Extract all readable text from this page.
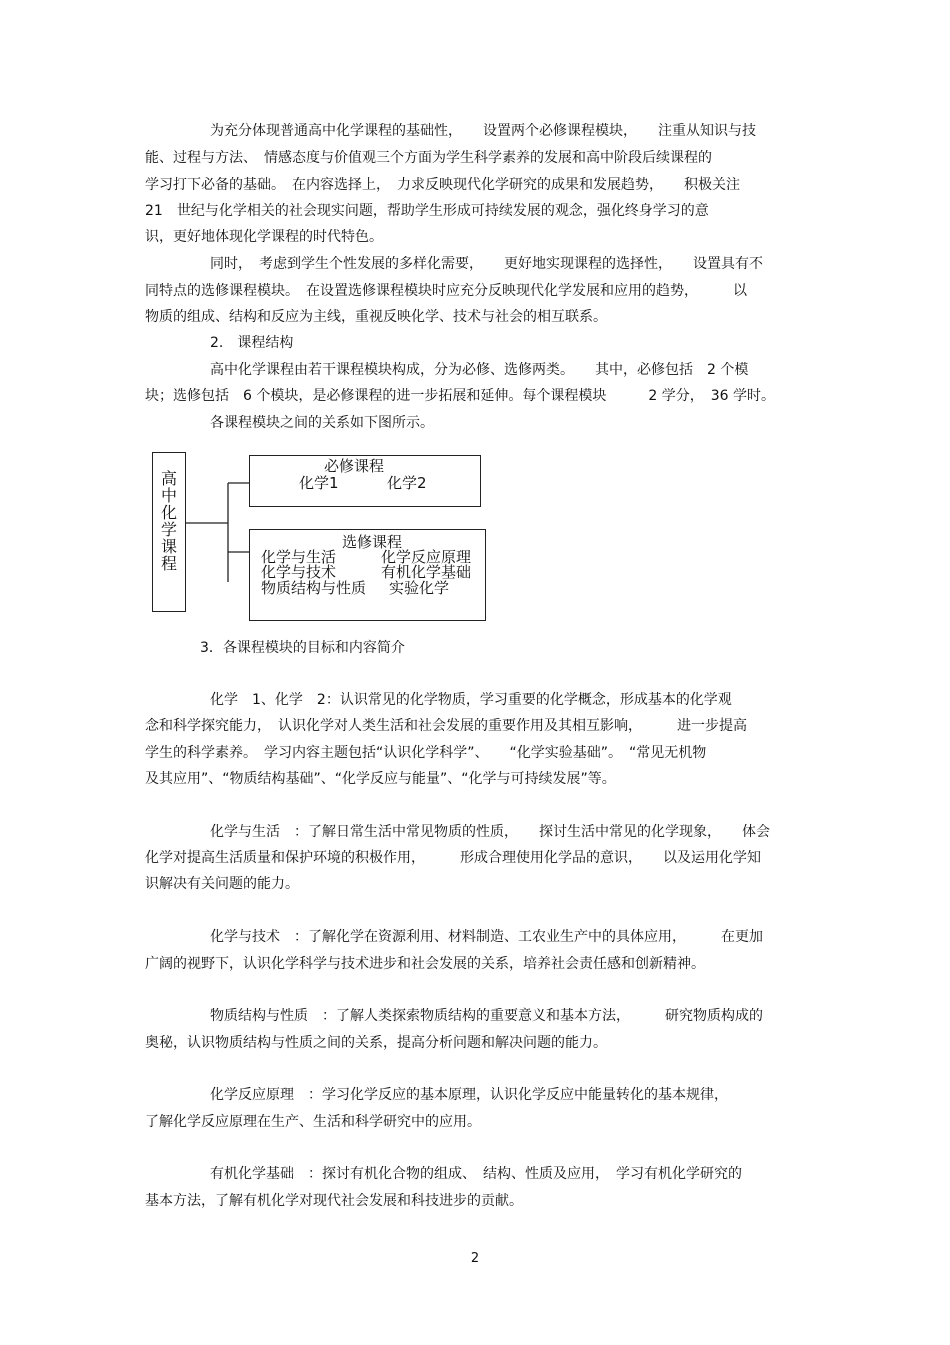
为充分体现普通高中化学课程的基础性，　　设置两个必修课程模块，　　注重从知识与技

能、过程与方法、　情感态度与价值观三个方面为学生科学素养的发展和高中阶段后续课程的

学习打下必备的基础。　在内容选择上，　力求反映现代化学研究的成果和发展趋势，　　积极关注

21　世纪与化学相关的社会现实问题，帮助学生形成可持续发展的观念，强化终身学习的意

识，更好地体现化学课程的时代特色。

同时，　考虑到学生个性发展的多样化需要，　　更好地实现课程的选择性，　　设置具有不

同特点的选修课程模块。　在设置选修课程模块时应充分反映现代化学发展和应用的趋势，　　　以

物质的组成、结构和反应为主线，重视反映化学、技术与社会的相互联系。

2.　课程结构

高中化学课程由若干课程模块构成，分为必修、选修两类。　　其中，必修包括　2 个模

块；选修包括　6 个模块，是必修课程的进一步拓展和延伸。每个课程模块　　　2 学分，　36 学时。

各课程模块之间的关系如下图所示。

高
中
化
学
课
程
必修课程
化学1	化学2
选修课程
化学与生活
化学与技术
物质结构与性质
化学反应原理
有机化学基础
实验化学

3．各课程模块的目标和内容简介

化学　1、化学　2：认识常见的化学物质，学习重要的化学概念，形成基本的化学观

念和科学探究能力，　认识化学对人类生活和社会发展的重要作用及其相互影响，　　　进一步提高

学生的科学素养。　学习内容主题包括“认识化学科学”、　　“化学实验基础”。　“常见无机物

及其应用”、“物质结构基础”、“化学反应与能量”、“化学与可持续发展”等。

化学与生活　：了解日常生活中常见物质的性质，　　探讨生活中常见的化学现象，　　体会

化学对提高生活质量和保护环境的积极作用，　　　形成合理使用化学品的意识，　　以及运用化学知

识解决有关问题的能力。

化学与技术　：了解化学在资源利用、材料制造、工农业生产中的具体应用，　　　在更加

广阔的视野下，认识化学科学与技术进步和社会发展的关系，培养社会责任感和创新精神。

物质结构与性质　：了解人类探索物质结构的重要意义和基本方法，　　　研究物质构成的

奥秘，认识物质结构与性质之间的关系，提高分析问题和解决问题的能力。

化学反应原理　：学习化学反应的基本原理，认识化学反应中能量转化的基本规律，

了解化学反应原理在生产、生活和科学研究中的应用。

有机化学基础　：探讨有机化合物的组成、　结构、性质及应用，　学习有机化学研究的

基本方法，了解有机化学对现代社会发展和科技进步的贡献。

2
